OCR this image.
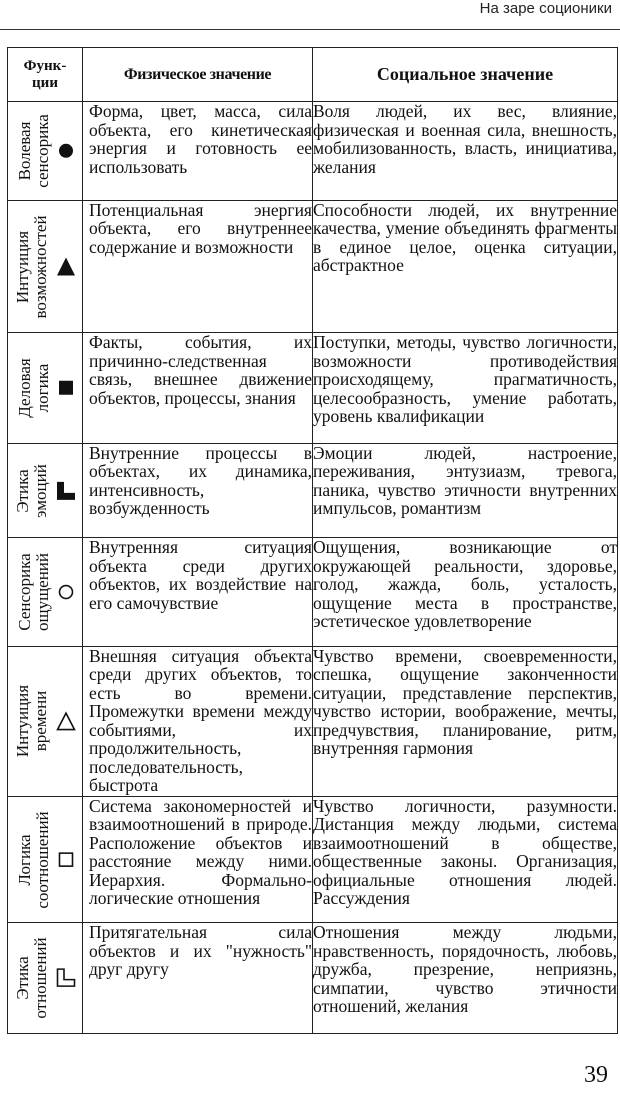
На заре соционики
Функ-
ции	Физическое значение	Социальное значение

Волевая сенсорика	Форма, цвет, масса, сила объекта, его кинетическая энергия и готовность ее использовать	Воля людей, их вес, влияние, физическая и военная сила, внешность, мобилизованность, власть, инициатива, желания

Интуиция возможностей	Потенциальная энергия объекта, его внутреннее содержание и возможности	Способности людей, их внутренние качества, умение объединять фрагменты в единое целое, оценка ситуации, абстрактное

Деловая логика	Факты, события, их причинно-следственная связь, внешнее движение объектов, процессы, знания	Поступки, методы, чувство логичности, возможности противодействия происходящему, прагматичность, целесообразность, умение работать, уровень квалификации

Этика эмоций	Внутренние процессы в объектах, их динамика, интенсивность, возбужденность	Эмоции людей, настроение, переживания, энтузиазм, тревога, паника, чувство этичности внутренних импульсов, романтизм

Сенсорика ощущений	Внутренняя ситуация объекта среди других объектов, их воздействие на его самочувствие	Ощущения, возникающие от окружающей реальности, здоровье, голод, жажда, боль, усталость, ощущение места в пространстве, эстетическое удовлетворение

Интуиция времени	Внешняя ситуация объекта среди других объектов, то есть во времени. Промежутки времени между событиями, их продолжительность, последовательность, быстрота	Чувство времени, своевременности, спешка, ощущение законченности ситуации, представление перспектив, чувство истории, воображение, мечты, предчувствия, планирование, ритм, внутренняя гармония

Логика соотношений	Система закономерностей и взаимоотношений в природе. Расположение объектов и расстояние между ними. Иерархия. Формально-логические отношения	Чувство логичности, разумности. Дистанция между людьми, система взаимоотношений в обществе, общественные законы. Организация, официальные отношения людей. Рассуждения

Этика отношений	Притягательная сила объектов и их "нужность" друг другу	Отношения между людьми, нравственность, порядочность, любовь, дружба, презрение, неприязнь, симпатии, чувство этичности отношений, желания
39
